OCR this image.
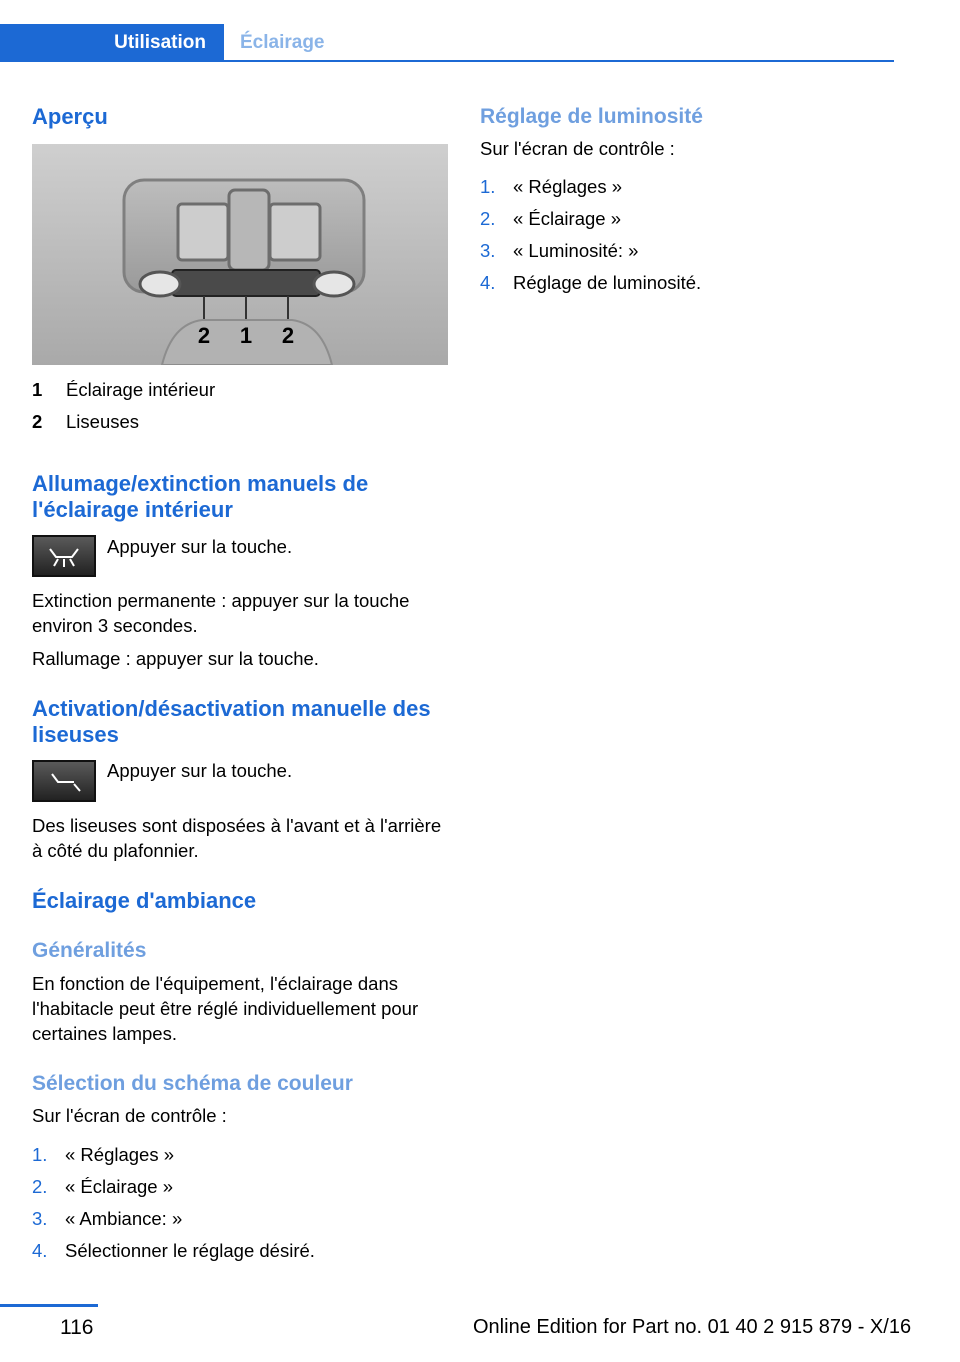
Utilisation Éclairage
Aperçu
2 1 2
1 Éclairage intérieur
2 Liseuses
Allumage/extinction manuels de l'éclairage intérieur

Appuyer sur la touche.

Extinction permanente : appuyer sur la touche environ 3 secondes.

Rallumage : appuyer sur la touche.

Activation/désactivation manuelle des liseuses

Appuyer sur la touche.

Des liseuses sont disposées à l'avant et à l'arrière à côté du plafonnier.

Éclairage d'ambiance
Généralités

En fonction de l'équipement, l'éclairage dans l'habitacle peut être réglé individuellement pour certaines lampes.

Sélection du schéma de couleur

Sur l'écran de contrôle :

1. « Réglages »
2. « Éclairage »
3. « Ambiance: »
4. Sélectionner le réglage désiré.
Réglage de luminosité

Sur l'écran de contrôle :

1. « Réglages »
2. « Éclairage »
3. « Luminosité: »
4. Réglage de luminosité.
116	Online Edition for Part no. 01 40 2 915 879 - X/16
